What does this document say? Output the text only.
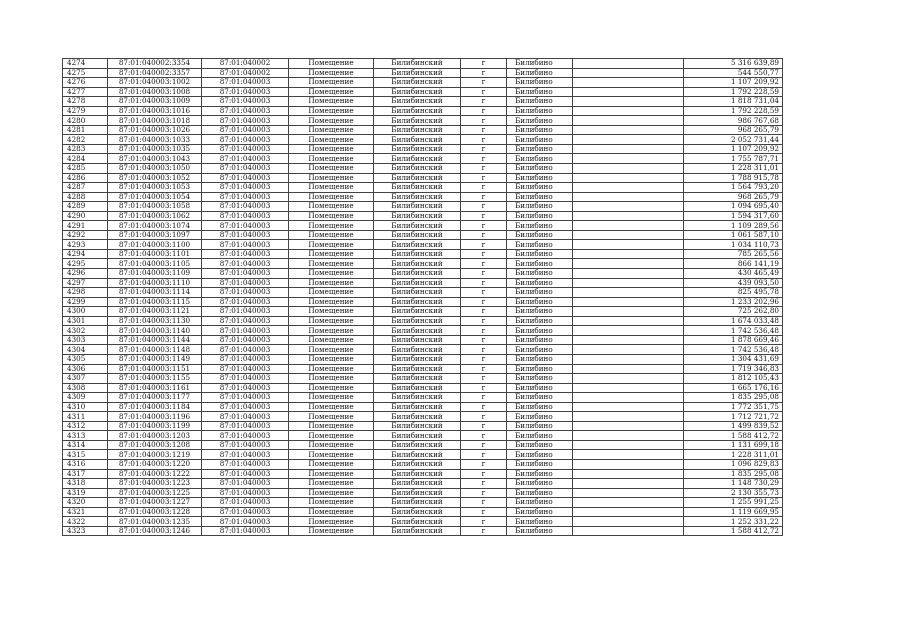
4274	87:01:040002:3354	87:01:040002	Помещение	Билибинский	г	Билибино		5 316 639,89
4275	87:01:040002:3357	87:01:040002	Помещение	Билибинский	г	Билибино		544 550,77
4276	87:01:040003:1002	87:01:040003	Помещение	Билибинский	г	Билибино		1 107 209,92
4277	87:01:040003:1008	87:01:040003	Помещение	Билибинский	г	Билибино		1 792 228,59
4278	87:01:040003:1009	87:01:040003	Помещение	Билибинский	г	Билибино		1 818 731,04
4279	87:01:040003:1016	87:01:040003	Помещение	Билибинский	г	Билибино		1 792 228,59
4280	87:01:040003:1018	87:01:040003	Помещение	Билибинский	г	Билибино		986 767,68
4281	87:01:040003:1026	87:01:040003	Помещение	Билибинский	г	Билибино		968 265,79
4282	87:01:040003:1033	87:01:040003	Помещение	Билибинский	г	Билибино		2 052 731,44
4283	87:01:040003:1035	87:01:040003	Помещение	Билибинский	г	Билибино		1 107 209,92
4284	87:01:040003:1043	87:01:040003	Помещение	Билибинский	г	Билибино		1 755 787,71
4285	87:01:040003:1050	87:01:040003	Помещение	Билибинский	г	Билибино		1 228 311,01
4286	87:01:040003:1052	87:01:040003	Помещение	Билибинский	г	Билибино		1 788 915,78
4287	87:01:040003:1053	87:01:040003	Помещение	Билибинский	г	Билибино		1 564 793,20
4288	87:01:040003:1054	87:01:040003	Помещение	Билибинский	г	Билибино		968 265,79
4289	87:01:040003:1058	87:01:040003	Помещение	Билибинский	г	Билибино		1 094 695,40
4290	87:01:040003:1062	87:01:040003	Помещение	Билибинский	г	Билибино		1 594 317,60
4291	87:01:040003:1074	87:01:040003	Помещение	Билибинский	г	Билибино		1 109 289,56
4292	87:01:040003:1097	87:01:040003	Помещение	Билибинский	г	Билибино		1 061 587,10
4293	87:01:040003:1100	87:01:040003	Помещение	Билибинский	г	Билибино		1 034 110,73
4294	87:01:040003:1101	87:01:040003	Помещение	Билибинский	г	Билибино		785 265,56
4295	87:01:040003:1105	87:01:040003	Помещение	Билибинский	г	Билибино		866 141,19
4296	87:01:040003:1109	87:01:040003	Помещение	Билибинский	г	Билибино		430 465,49
4297	87:01:040003:1110	87:01:040003	Помещение	Билибинский	г	Билибино		439 093,50
4298	87:01:040003:1114	87:01:040003	Помещение	Билибинский	г	Билибино		825 495,78
4299	87:01:040003:1115	87:01:040003	Помещение	Билибинский	г	Билибино		1 233 202,96
4300	87:01:040003:1121	87:01:040003	Помещение	Билибинский	г	Билибино		725 262,80
4301	87:01:040003:1130	87:01:040003	Помещение	Билибинский	г	Билибино		1 674 033,48
4302	87:01:040003:1140	87:01:040003	Помещение	Билибинский	г	Билибино		1 742 536,48
4303	87:01:040003:1144	87:01:040003	Помещение	Билибинский	г	Билибино		1 878 669,46
4304	87:01:040003:1148	87:01:040003	Помещение	Билибинский	г	Билибино		1 742 536,48
4305	87:01:040003:1149	87:01:040003	Помещение	Билибинский	г	Билибино		1 304 431,69
4306	87:01:040003:1151	87:01:040003	Помещение	Билибинский	г	Билибино		1 719 346,83
4307	87:01:040003:1155	87:01:040003	Помещение	Билибинский	г	Билибино		1 812 105,43
4308	87:01:040003:1161	87:01:040003	Помещение	Билибинский	г	Билибино		1 665 176,16
4309	87:01:040003:1177	87:01:040003	Помещение	Билибинский	г	Билибино		1 835 295,08
4310	87:01:040003:1184	87:01:040003	Помещение	Билибинский	г	Билибино		1 772 351,75
4311	87:01:040003:1196	87:01:040003	Помещение	Билибинский	г	Билибино		1 712 721,72
4312	87:01:040003:1199	87:01:040003	Помещение	Билибинский	г	Билибино		1 499 839,52
4313	87:01:040003:1203	87:01:040003	Помещение	Билибинский	г	Билибино		1 588 412,72
4314	87:01:040003:1208	87:01:040003	Помещение	Билибинский	г	Билибино		1 131 699,18
4315	87:01:040003:1219	87:01:040003	Помещение	Билибинский	г	Билибино		1 228 311,01
4316	87:01:040003:1220	87:01:040003	Помещение	Билибинский	г	Билибино		1 096 829,83
4317	87:01:040003:1222	87:01:040003	Помещение	Билибинский	г	Билибино		1 835 295,08
4318	87:01:040003:1223	87:01:040003	Помещение	Билибинский	г	Билибино		1 148 730,29
4319	87:01:040003:1225	87:01:040003	Помещение	Билибинский	г	Билибино		2 130 355,73
4320	87:01:040003:1227	87:01:040003	Помещение	Билибинский	г	Билибино		1 255 991,25
4321	87:01:040003:1228	87:01:040003	Помещение	Билибинский	г	Билибино		1 119 669,95
4322	87:01:040003:1235	87:01:040003	Помещение	Билибинский	г	Билибино		1 252 331,22
4323	87:01:040003:1246	87:01:040003	Помещение	Билибинский	г	Билибино		1 588 412,72
